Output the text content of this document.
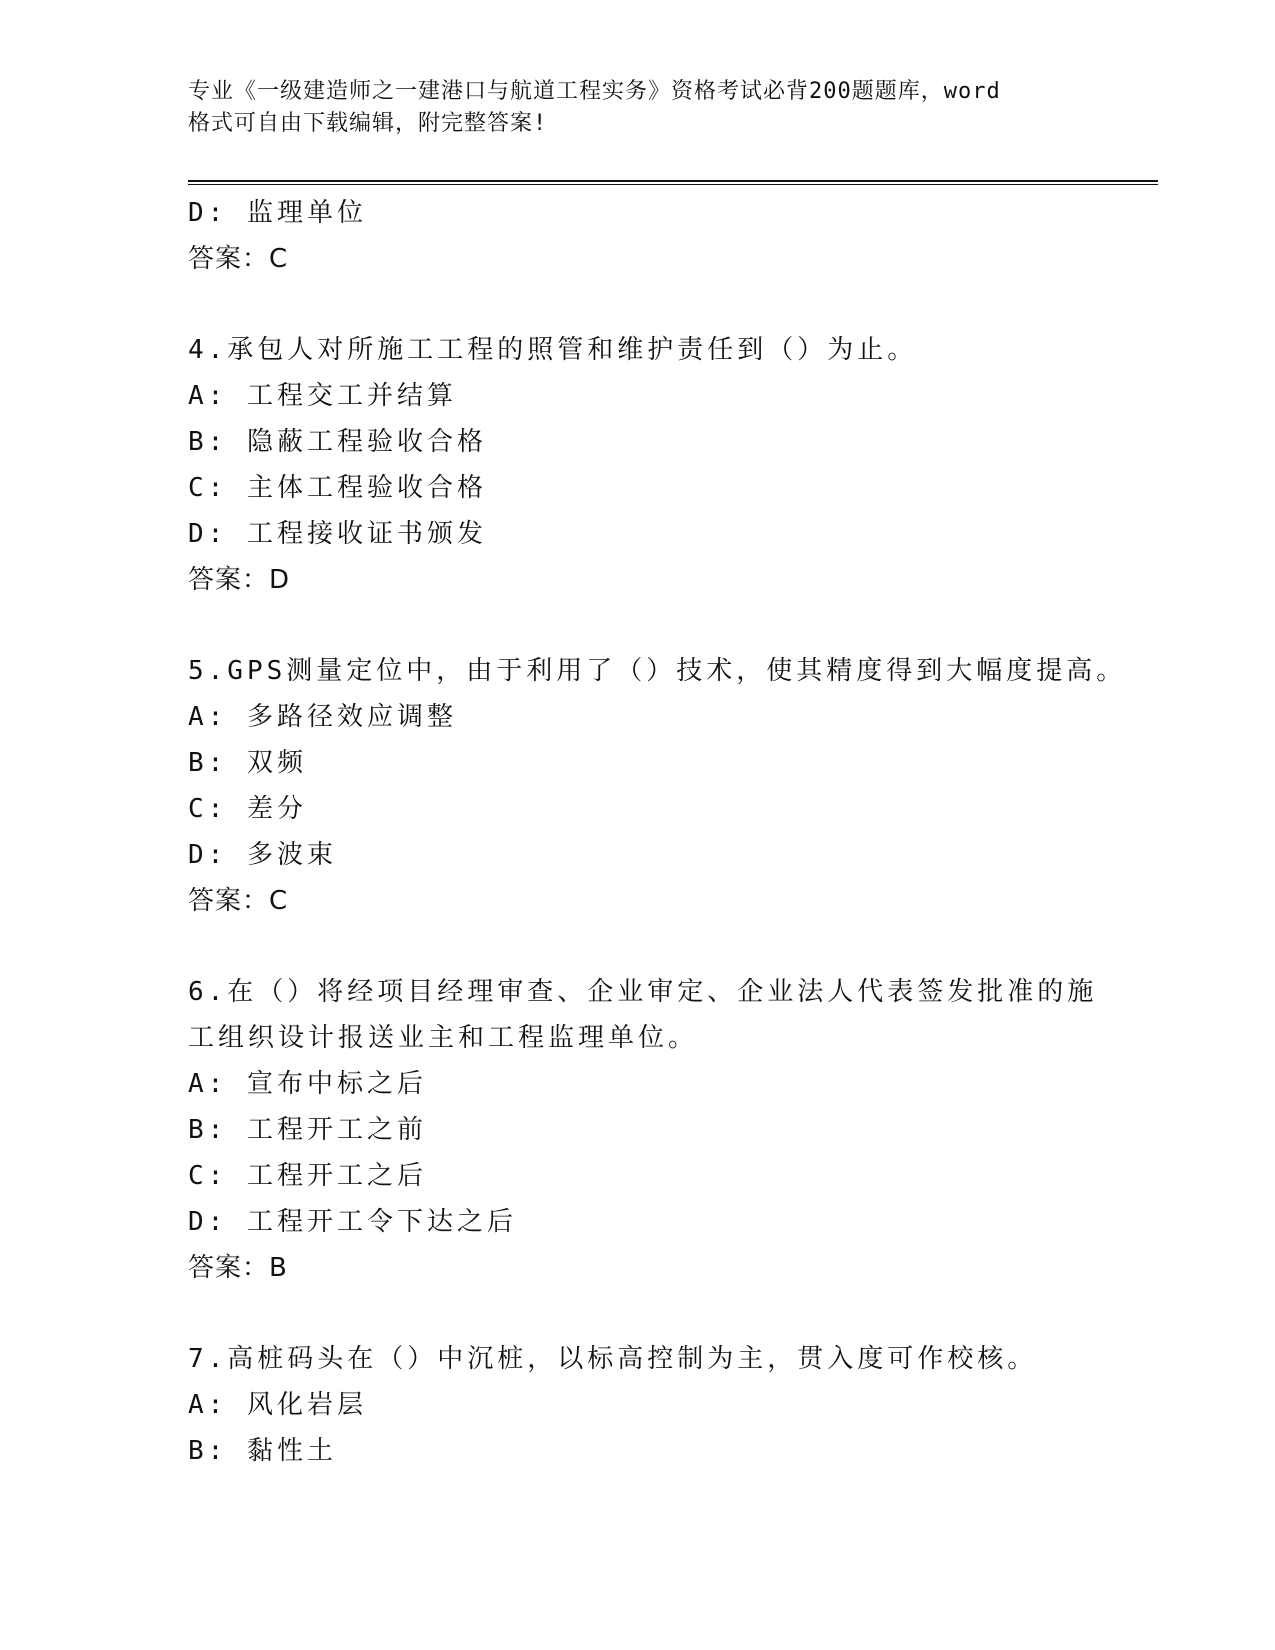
专业《一级建造师之一建港口与航道工程实务》资格考试必背200题题库，word
格式可自由下载编辑，附完整答案!
D: 监理单位
答案：C
4.承包人对所施工工程的照管和维护责任到（）为止。
A: 工程交工并结算
B: 隐蔽工程验收合格
C: 主体工程验收合格
D: 工程接收证书颁发
答案：D
5.GPS测量定位中，由于利用了（）技术，使其精度得到大幅度提高。
A: 多路径效应调整
B: 双频
C: 差分
D: 多波束
答案：C
6.在（）将经项目经理审查、企业审定、企业法人代表签发批准的施
工组织设计报送业主和工程监理单位。
A: 宣布中标之后
B: 工程开工之前
C: 工程开工之后
D: 工程开工令下达之后
答案：B
7.高桩码头在（）中沉桩，以标高控制为主，贯入度可作校核。
A: 风化岩层
B: 黏性土
